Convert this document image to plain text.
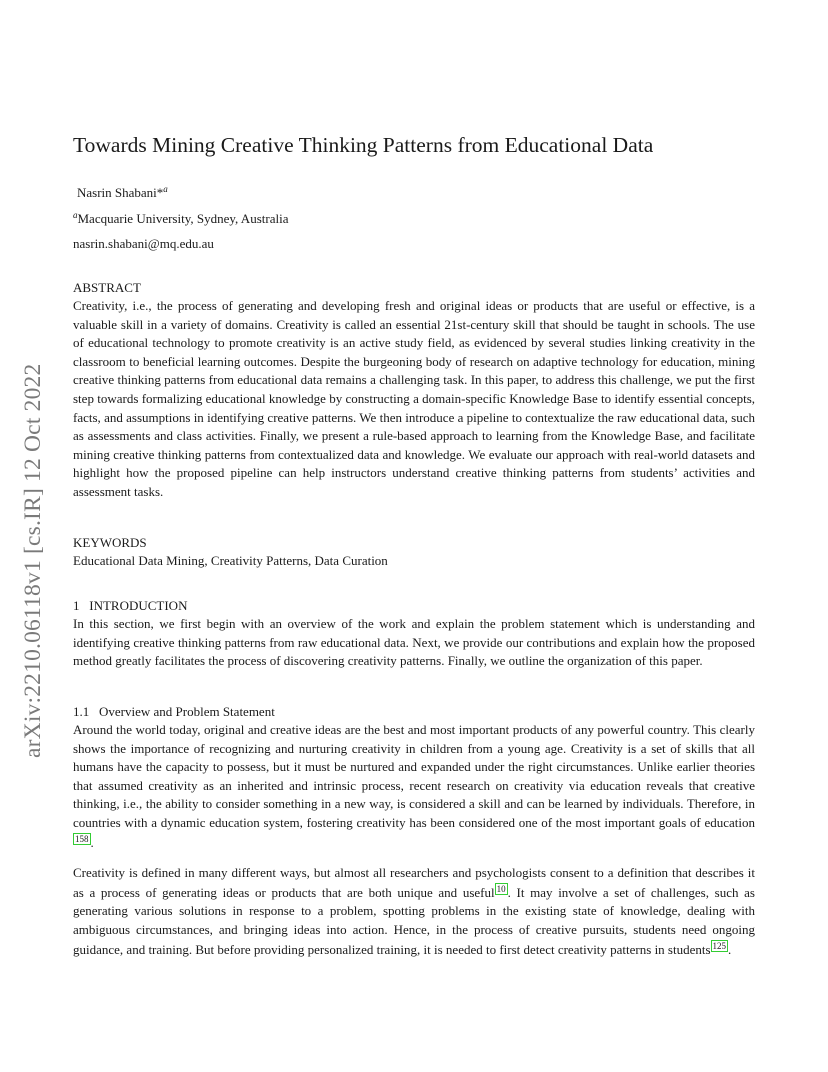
arXiv:2210.06118v1 [cs.IR] 12 Oct 2022
Towards Mining Creative Thinking Patterns from Educational Data
Nasrin Shabani*$^a$
$^a$Macquarie University, Sydney, Australia
nasrin.shabani@mq.edu.au
ABSTRACT

Creativity, i.e., the process of generating and developing fresh and original ideas or products that are useful or effective, is a valuable skill in a variety of domains. Creativity is called an essential 21st-century skill that should be taught in schools. The use of educational technology to promote creativity is an active study field, as evidenced by several studies linking creativity in the classroom to beneficial learning outcomes. Despite the burgeoning body of research on adaptive technology for education, mining creative thinking patterns from educational data remains a challenging task. In this paper, to address this challenge, we put the first step towards formalizing educational knowledge by constructing a domain-specific Knowledge Base to identify essential concepts, facts, and assumptions in identifying creative patterns. We then introduce a pipeline to contextualize the raw educational data, such as assessments and class activities. Finally, we present a rule-based approach to learning from the Knowledge Base, and facilitate mining creative thinking patterns from contextualized data and knowledge. We evaluate our approach with real-world datasets and highlight how the proposed pipeline can help instructors understand creative thinking patterns from students’ activities and assessment tasks.

KEYWORDS

Educational Data Mining, Creativity Patterns, Data Curation

1 INTRODUCTION

In this section, we first begin with an overview of the work and explain the problem statement which is understanding and identifying creative thinking patterns from raw educational data. Next, we provide our contributions and explain how the proposed method greatly facilitates the process of discovering creativity patterns. Finally, we outline the organization of this paper.

1.1 Overview and Problem Statement

Around the world today, original and creative ideas are the best and most important products of any powerful country. This clearly shows the importance of recognizing and nurturing creativity in children from a young age. Creativity is a set of skills that all humans have the capacity to possess, but it must be nurtured and expanded under the right circumstances. Unlike earlier theories that assumed creativity as an inherited and intrinsic process, recent research on creativity via education reveals that creative thinking, i.e., the ability to consider something in a new way, is considered a skill and can be learned by individuals. Therefore, in countries with a dynamic education system, fostering creativity has been considered one of the most important goals of education158 .

Creativity is defined in many different ways, but almost all researchers and psychologists consent to a definition that describes it as a process of generating ideas or products that are both unique and useful 10 . It may involve a set of challenges, such as generating various solutions in response to a problem, spotting problems in the existing state of knowledge, dealing with ambiguous circumstances, and bringing ideas into action. Hence, in the process of creative pursuits, students need ongoing guidance, and training. But before providing personalized training, it is needed to first detect creativity patterns in students 125 .
